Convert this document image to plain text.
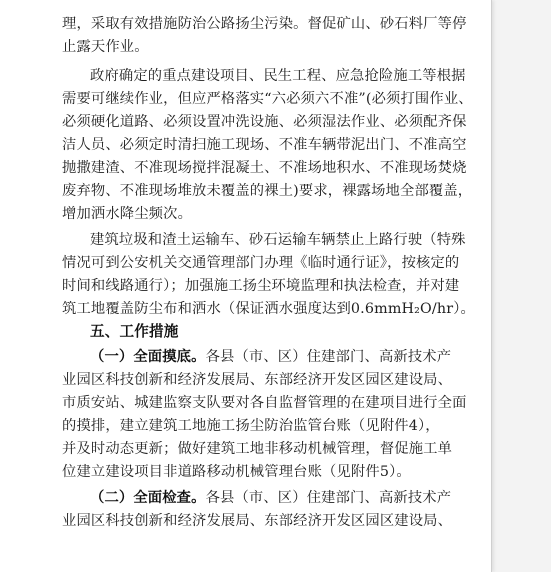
理，采取有效措施防治公路扬尘污染。督促矿山、砂石料厂等停
止露天作业。
政府确定的重点建设项目、民生工程、应急抢险施工等根据
需要可继续作业，但应严格落实“六必须六不准”(必须打围作业、
必须硬化道路、必须设置冲洗设施、必须湿法作业、必须配齐保
洁人员、必须定时清扫施工现场、不准车辆带泥出门、不准高空
抛撒建渣、不准现场搅拌混凝土、不准场地积水、不准现场焚烧
废弃物、不准现场堆放未覆盖的裸土)要求，裸露场地全部覆盖，
增加洒水降尘频次。
建筑垃圾和渣土运输车、砂石运输车辆禁止上路行驶（特殊
情况可到公安机关交通管理部门办理《临时通行证》，按核定的
时间和线路通行）；加强施工扬尘环境监理和执法检查，并对建
筑工地覆盖防尘布和洒水（保证洒水强度达到0.6mmH₂O/hr）。
五、工作措施
（一）全面摸底。各县（市、区）住建部门、高新技术产
业园区科技创新和经济发展局、东部经济开发区园区建设局、
市质安站、城建监察支队要对各自监督管理的在建项目进行全面
的摸排，建立建筑工地施工扬尘防治监管台账（见附件4），
并及时动态更新；做好建筑工地非移动机械管理，督促施工单
位建立建设项目非道路移动机械管理台账（见附件5）。
（二）全面检查。各县（市、区）住建部门、高新技术产
业园区科技创新和经济发展局、东部经济开发区园区建设局、
